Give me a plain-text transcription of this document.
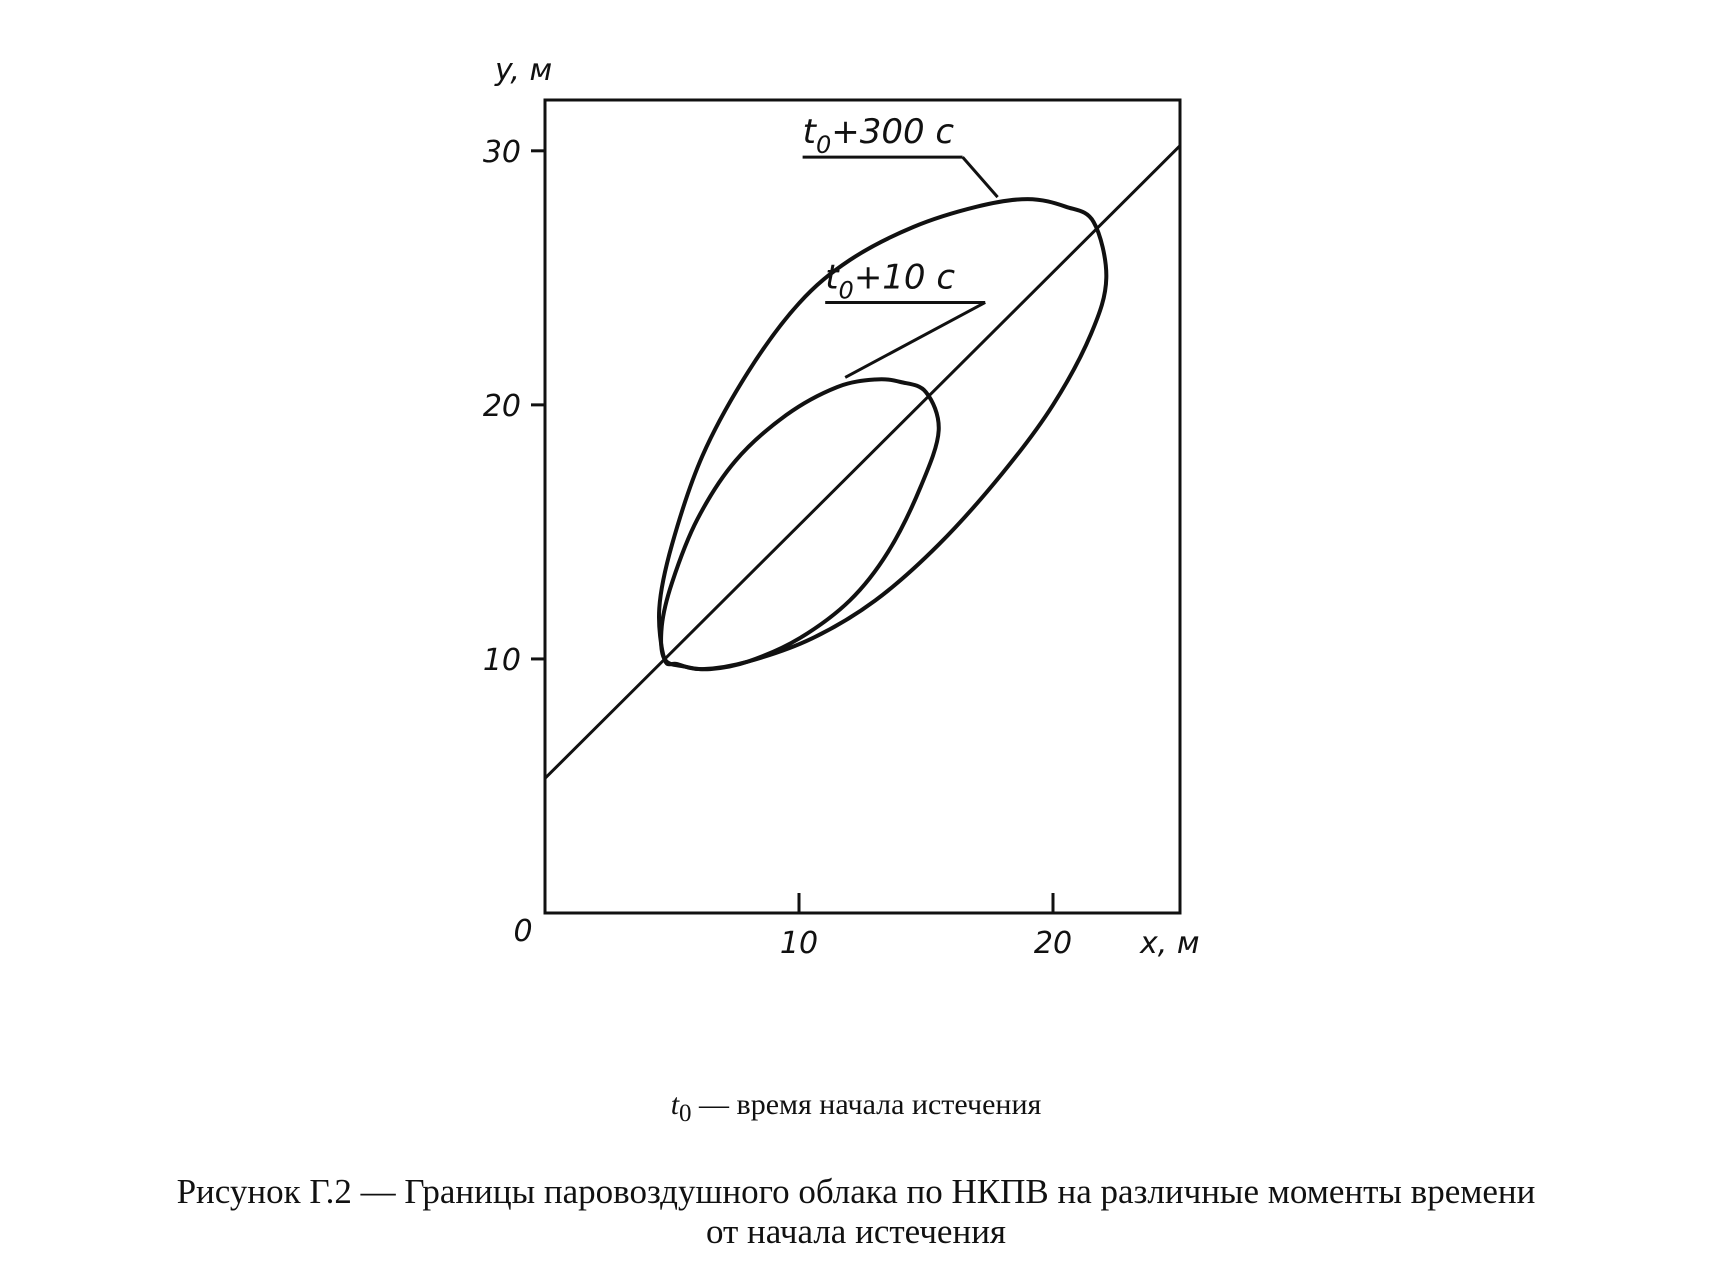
10
20
30
10	20
0
y, м
x, м
$t_0+300$ c
$t_0+10$ c
$t_0$ — время начала истечения
Рисунок Г.2 — Границы паровоздушного облака по НКПВ на различные моменты времени
от начала истечения
